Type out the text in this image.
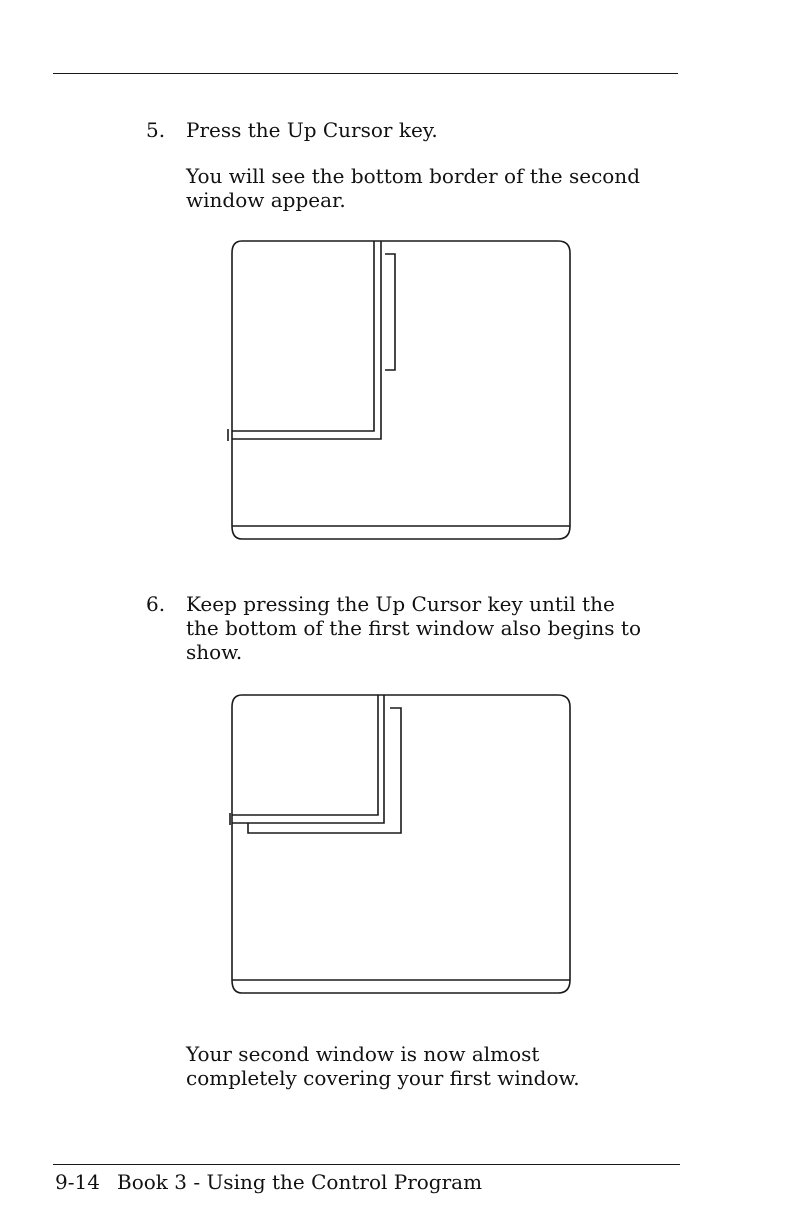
5. Press the Up Cursor key.
You will see the bottom border of the second
window appear.
6. Keep pressing the Up Cursor key until the
the bottom of the first window also begins to
show.
Your second window is now almost
completely covering your first window.
9-14 Book 3 - Using the Control Program
